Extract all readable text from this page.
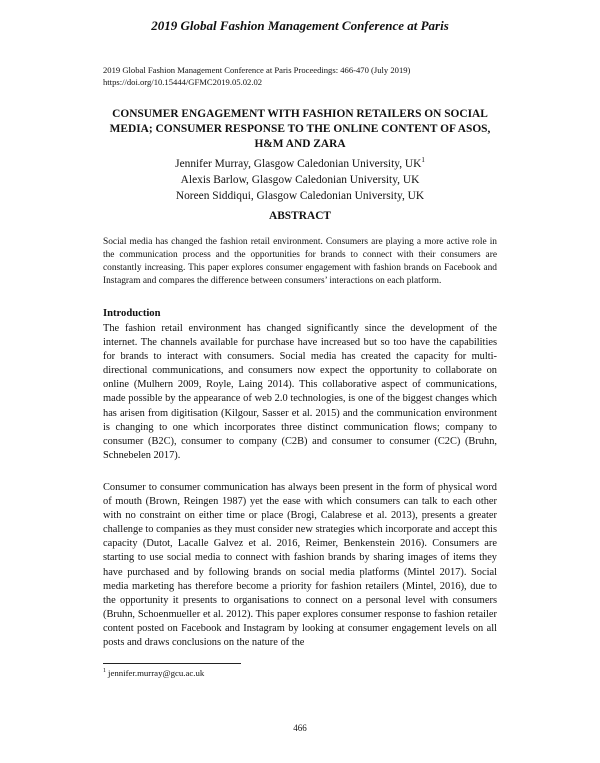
2019 Global Fashion Management Conference at Paris
2019 Global Fashion Management Conference at Paris Proceedings: 466-470 (July 2019)
https://doi.org/10.15444/GFMC2019.05.02.02
CONSUMER ENGAGEMENT WITH FASHION RETAILERS ON SOCIAL MEDIA; CONSUMER RESPONSE TO THE ONLINE CONTENT OF ASOS, H&M AND ZARA
Jennifer Murray, Glasgow Caledonian University, $UK^1$
Alexis Barlow, Glasgow Caledonian University, UK
Noreen Siddiqui, Glasgow Caledonian University, UK
ABSTRACT
Social media has changed the fashion retail environment. Consumers are playing a more active role in the communication process and the opportunities for brands to connect with their consumers are constantly increasing. This paper explores consumer engagement with fashion brands on Facebook and Instagram and compares the difference between consumers’ interactions on each platform.
Introduction
The fashion retail environment has changed significantly since the development of the internet. The channels available for purchase have increased but so too have the capabilities for brands to interact with consumers. Social media has created the capacity for multi-directional communications, and consumers now expect the opportunity to collaborate on online (Mulhern 2009, Royle, Laing 2014). This collaborative aspect of communications, made possible by the appearance of web 2.0 technologies, is one of the biggest changes which has arisen from digitisation (Kilgour, Sasser et al. 2015) and the communication environment is changing to one which incorporates three distinct communication flows; company to consumer (B2C), consumer to company (C2B) and consumer to consumer (C2C) (Bruhn, Schnebelen 2017).
Consumer to consumer communication has always been present in the form of physical word of mouth (Brown, Reingen 1987) yet the ease with which consumers can talk to each other with no constraint on either time or place (Brogi, Calabrese et al. 2013), presents a greater challenge to companies as they must consider new strategies which incorporate and accept this capacity (Dutot, Lacalle Galvez et al. 2016, Reimer, Benkenstein 2016). Consumers are starting to use social media to connect with fashion brands by sharing images of items they have purchased and by following brands on social media platforms (Mintel 2017). Social media marketing has therefore become a priority for fashion retailers (Mintel, 2016), due to the opportunity it presents to organisations to connect on a personal level with consumers (Bruhn, Schoenmueller et al. 2012). This paper explores consumer response to fashion retailer content posted on Facebook and Instagram by looking at consumer engagement levels on all posts and draws conclusions on the nature of the
$^1$ jennifer.murray@gcu.ac.uk
466
